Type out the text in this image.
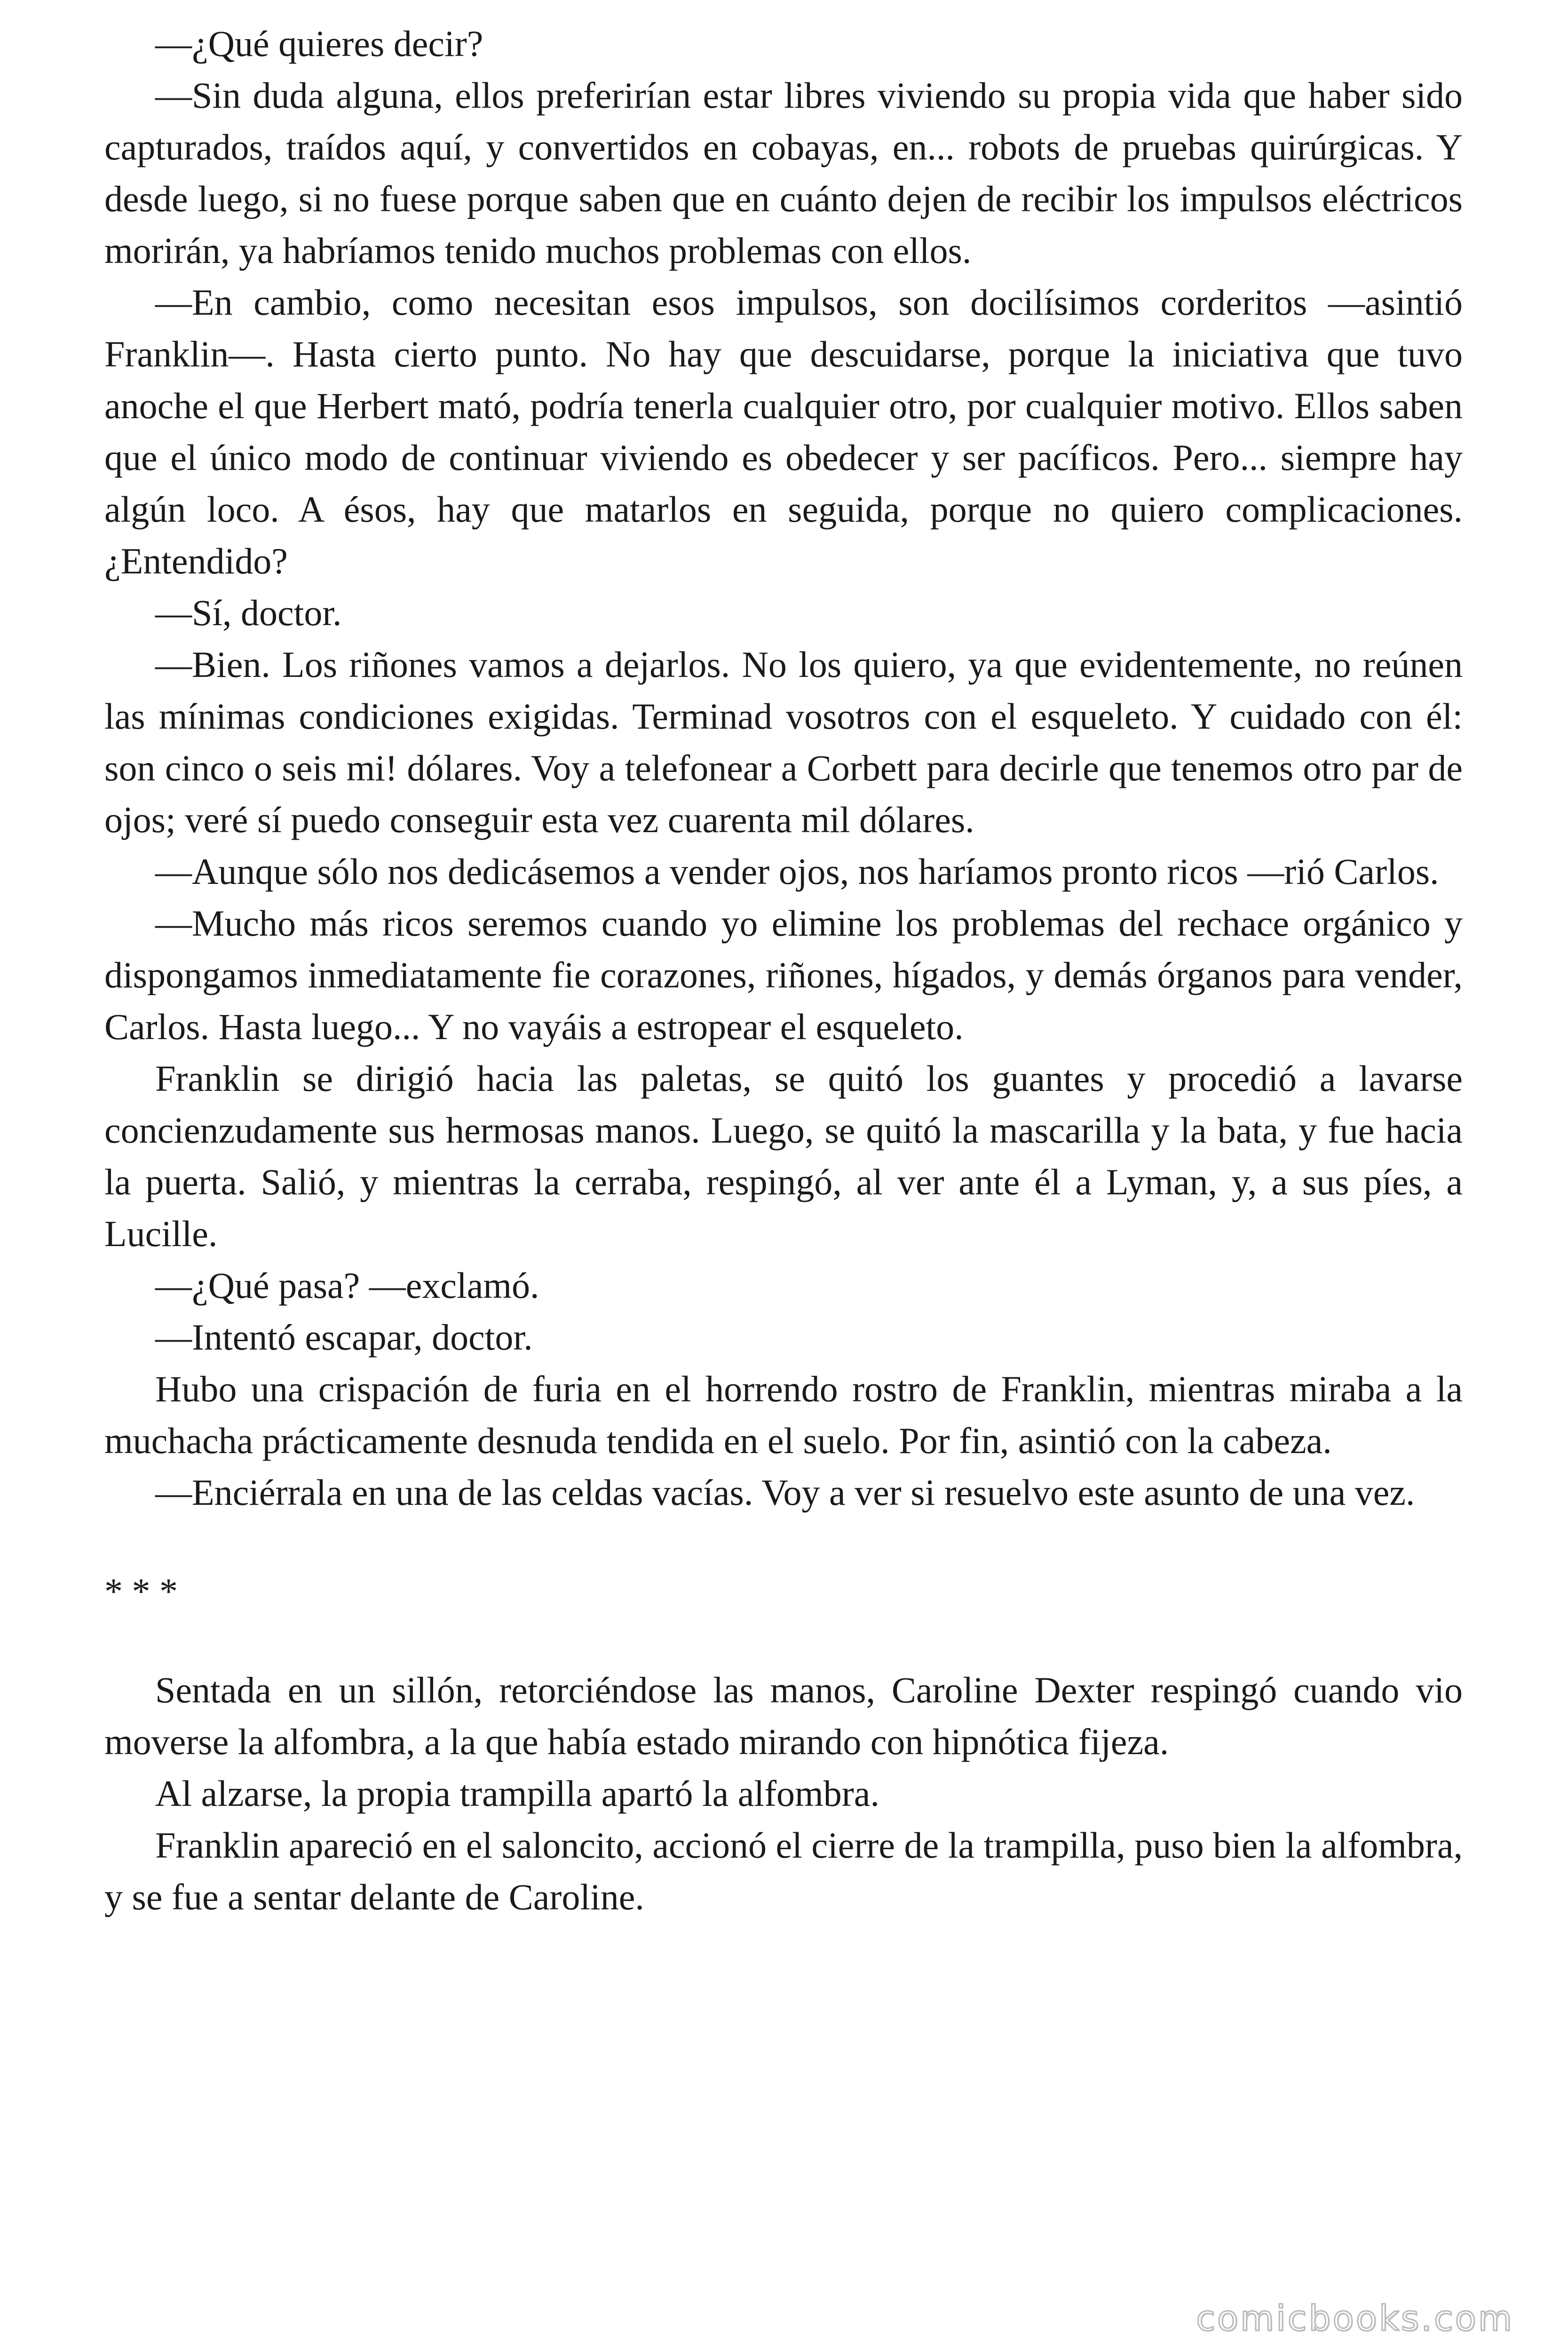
—¿Qué quieres decir?

—Sin duda alguna, ellos preferirían estar libres viviendo su propia vida que haber sido capturados, traídos aquí, y convertidos en cobayas, en... robots de pruebas quirúrgicas. Y desde luego, si no fuese porque saben que en cuánto dejen de recibir los impulsos eléctricos morirán, ya habríamos tenido muchos problemas con ellos.

—En cambio, como necesitan esos impulsos, son docilísimos corderitos —asintió Franklin—. Hasta cierto punto. No hay que descuidarse, porque la iniciativa que tuvo anoche el que Herbert mató, podría tenerla cualquier otro, por cualquier motivo. Ellos saben que el único modo de continuar viviendo es obedecer y ser pacíficos. Pero... siempre hay algún loco. A ésos, hay que matarlos en seguida, porque no quiero complicaciones. ¿Entendido?

—Sí, doctor.

—Bien. Los riñones vamos a dejarlos. No los quiero, ya que evidentemente, no reúnen las mínimas condiciones exigidas. Terminad vosotros con el esqueleto. Y cuidado con él: son cinco o seis mi! dólares. Voy a telefonear a Corbett para decirle que tenemos otro par de ojos; veré sí puedo conseguir esta vez cuarenta mil dólares.

—Aunque sólo nos dedicásemos a vender ojos, nos haríamos pronto ricos —rió Carlos.

—Mucho más ricos seremos cuando yo elimine los problemas del rechace orgánico y dispongamos inmediatamente fie corazones, riñones, hígados, y demás órganos para vender, Carlos. Hasta luego... Y no vayáis a estropear el esqueleto.

Franklin se dirigió hacia las paletas, se quitó los guantes y procedió a lavarse concienzudamente sus hermosas manos. Luego, se quitó la mascarilla y la bata, y fue hacia la puerta. Salió, y mientras la cerraba, respingó, al ver ante él a Lyman, y, a sus píes, a Lucille.

—¿Qué pasa? —exclamó.

—Intentó escapar, doctor.

Hubo una crispación de furia en el horrendo rostro de Franklin, mientras miraba a la muchacha prácticamente desnuda tendida en el suelo. Por fin, asintió con la cabeza.

—Enciérrala en una de las celdas vacías. Voy a ver si resuelvo este asunto de una vez.

* * *

Sentada en un sillón, retorciéndose las manos, Caroline Dexter respingó cuando vio moverse la alfombra, a la que había estado mirando con hipnótica fijeza.

Al alzarse, la propia trampilla apartó la alfombra.

Franklin apareció en el saloncito, accionó el cierre de la trampilla, puso bien la alfombra, y se fue a sentar delante de Caroline.

comicbooks.com
